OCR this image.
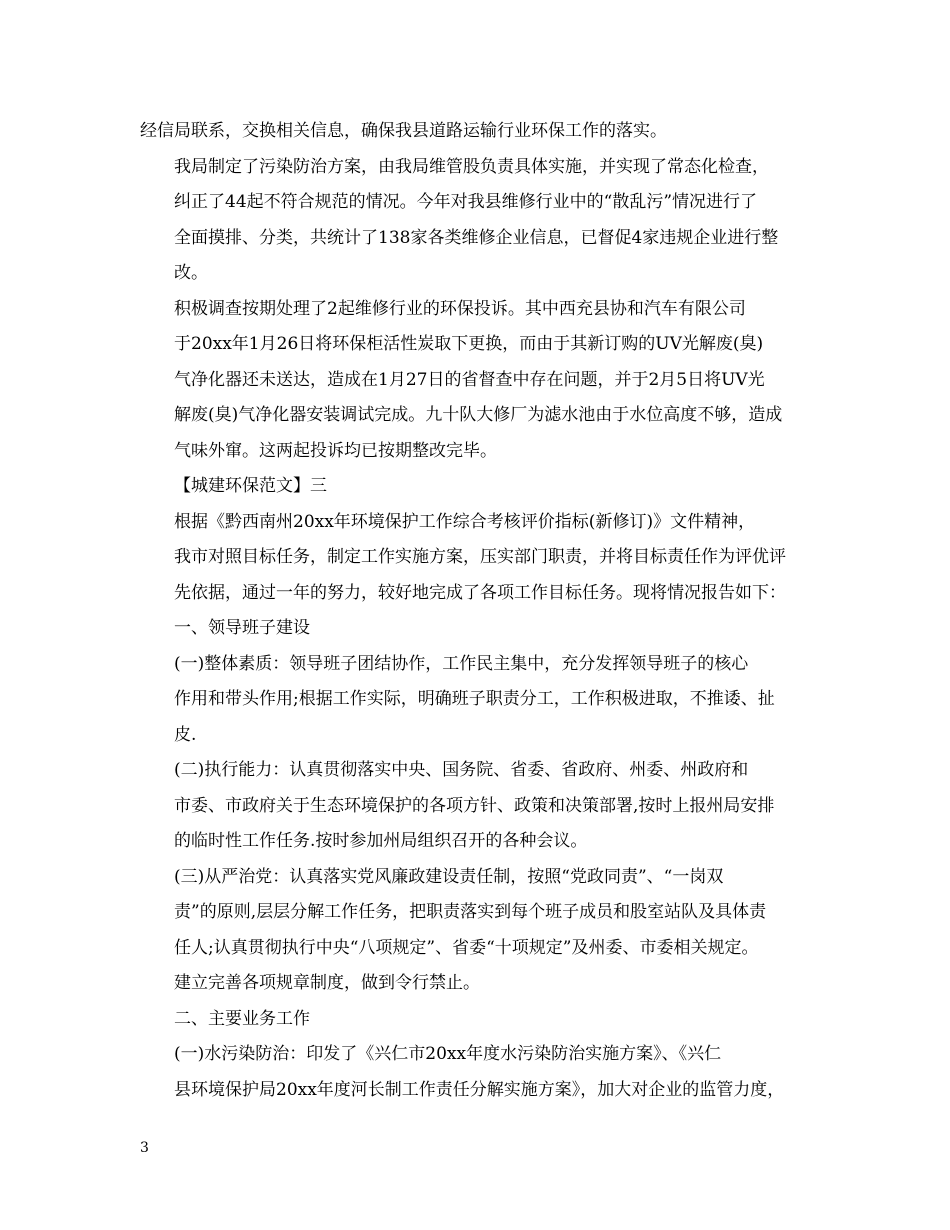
经信局联系，交换相关信息，确保我县道路运输行业环保工作的落实。

我局制定了污染防治方案，由我局维管股负责具体实施，并实现了常态化检查，
纠正了44起不符合规范的情况。今年对我县维修行业中的“散乱污”情况进行了
全面摸排、分类，共统计了138家各类维修企业信息，已督促4家违规企业进行整
改。

积极调查按期处理了2起维修行业的环保投诉。其中西充县协和汽车有限公司
于20xx年1月26日将环保柜活性炭取下更换，而由于其新订购的UV光解废(臭)
气净化器还未送达，造成在1月27日的省督查中存在问题，并于2月5日将UV光
解废(臭)气净化器安装调试完成。九十队大修厂为滤水池由于水位高度不够，造成
气味外窜。这两起投诉均已按期整改完毕。

【城建环保范文】三

根据《黔西南州20xx年环境保护工作综合考核评价指标(新修订)》文件精神，
我市对照目标任务，制定工作实施方案，压实部门职责，并将目标责任作为评优评
先依据，通过一年的努力，较好地完成了各项工作目标任务。现将情况报告如下：

一、领导班子建设

(一)整体素质：领导班子团结协作，工作民主集中，充分发挥领导班子的核心
作用和带头作用;根据工作实际，明确班子职责分工，工作积极进取，不推诿、扯
皮.

(二)执行能力：认真贯彻落实中央、国务院、省委、省政府、州委、州政府和
市委、市政府关于生态环境保护的各项方针、政策和决策部署,按时上报州局安排
的临时性工作任务.按时参加州局组织召开的各种会议。

(三)从严治党：认真落实党风廉政建设责任制，按照“党政同责”、“一岗双
责”的原则,层层分解工作任务，把职责落实到每个班子成员和股室站队及具体责
任人;认真贯彻执行中央“八项规定”、省委“十项规定”及州委、市委相关规定。
建立完善各项规章制度，做到令行禁止。

二、主要业务工作

(一)水污染防治：印发了《兴仁市20xx年度水污染防治实施方案》、《兴仁
县环境保护局20xx年度河长制工作责任分解实施方案》，加大对企业的监管力度，

3
